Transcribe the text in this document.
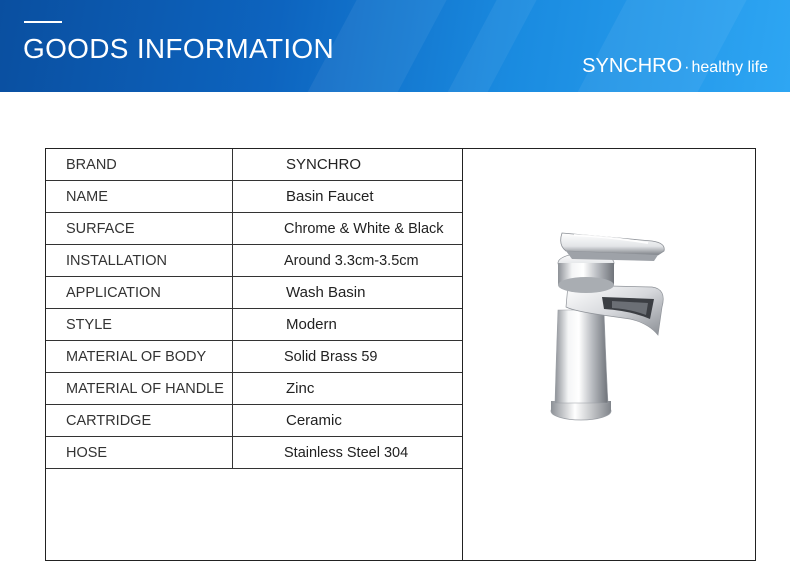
GOODS INFORMATION
SYNCHRO · healthy life
BRAND	SYNCHRO
NAME	Basin Faucet
SURFACE	Chrome & White & Black
INSTALLATION	Around 3.3cm-3.5cm
APPLICATION	Wash Basin
STYLE	Modern
MATERIAL OF BODY	Solid Brass 59
MATERIAL OF HANDLE	Zinc
CARTRIDGE	Ceramic
HOSE	Stainless Steel 304
